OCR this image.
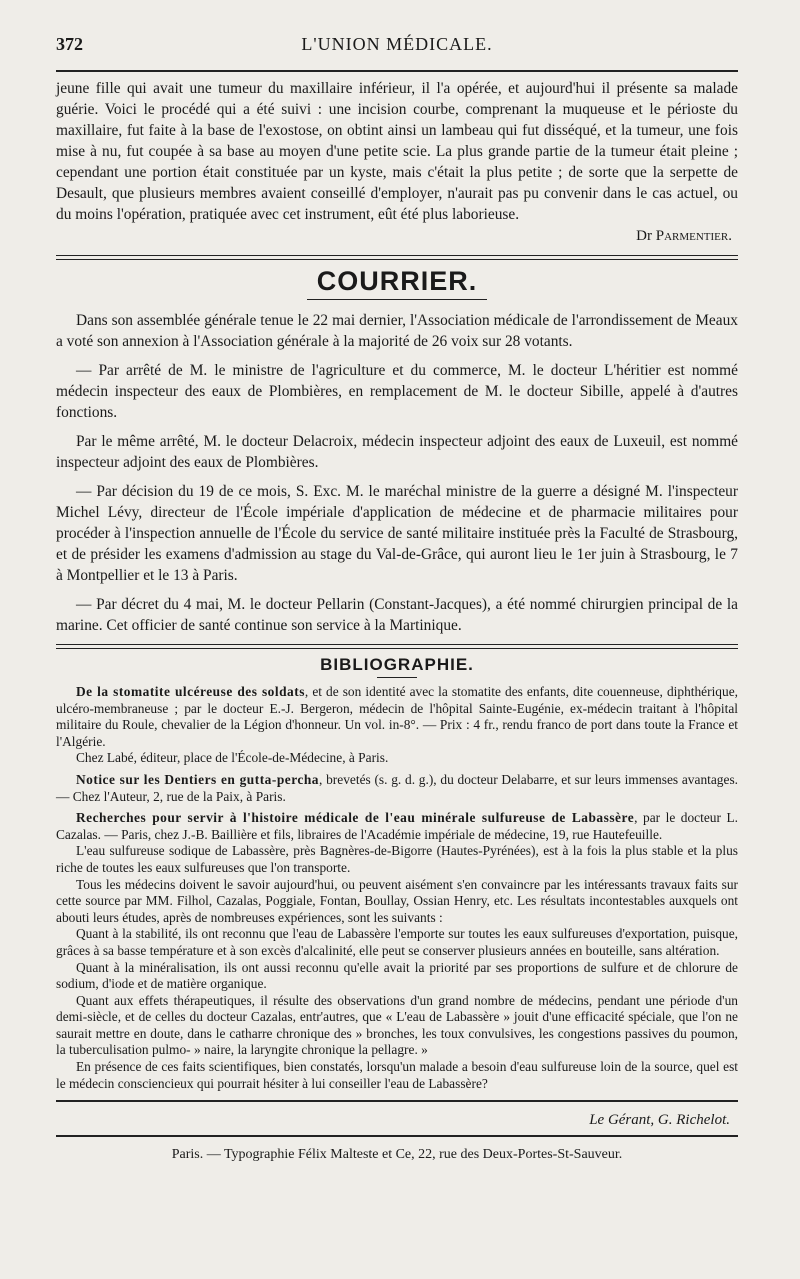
372	L'UNION MÉDICALE.

jeune fille qui avait une tumeur du maxillaire inférieur, il l'a opérée, et aujourd'hui il présente sa malade guérie. Voici le procédé qui a été suivi : une incision courbe, comprenant la muqueuse et le périoste du maxillaire, fut faite à la base de l'exostose, on obtint ainsi un lambeau qui fut disséqué, et la tumeur, une fois mise à nu, fut coupée à sa base au moyen d'une petite scie. La plus grande partie de la tumeur était pleine ; cependant une portion était constituée par un kyste, mais c'était la plus petite ; de sorte que la serpette de Desault, que plusieurs membres avaient conseillé d'employer, n'aurait pas pu convenir dans le cas actuel, ou du moins l'opération, pratiquée avec cet instrument, eût été plus laborieuse.

Dr Parmentier.
COURRIER.

Dans son assemblée générale tenue le 22 mai dernier, l'Association médicale de l'arrondissement de Meaux a voté son annexion à l'Association générale à la majorité de 26 voix sur 28 votants.

— Par arrêté de M. le ministre de l'agriculture et du commerce, M. le docteur L'héritier est nommé médecin inspecteur des eaux de Plombières, en remplacement de M. le docteur Sibille, appelé à d'autres fonctions.

Par le même arrêté, M. le docteur Delacroix, médecin inspecteur adjoint des eaux de Luxeuil, est nommé inspecteur adjoint des eaux de Plombières.

— Par décision du 19 de ce mois, S. Exc. M. le maréchal ministre de la guerre a désigné M. l'inspecteur Michel Lévy, directeur de l'École impériale d'application de médecine et de pharmacie militaires pour procéder à l'inspection annuelle de l'École du service de santé militaire instituée près la Faculté de Strasbourg, et de présider les examens d'admission au stage du Val-de-Grâce, qui auront lieu le 1er juin à Strasbourg, le 7 à Montpellier et le 13 à Paris.

— Par décret du 4 mai, M. le docteur Pellarin (Constant-Jacques), a été nommé chirurgien principal de la marine. Cet officier de santé continue son service à la Martinique.

BIBLIOGRAPHIE.

De la stomatite ulcéreuse des soldats, et de son identité avec la stomatite des enfants, dite couenneuse, diphthérique, ulcéro-membraneuse ; par le docteur E.-J. Bergeron, médecin de l'hôpital Sainte-Eugénie, ex-médecin traitant à l'hôpital militaire du Roule, chevalier de la Légion d'honneur. Un vol. in-8°. — Prix : 4 fr., rendu franco de port dans toute la France et l'Algérie.

Chez Labé, éditeur, place de l'École-de-Médecine, à Paris.

Notice sur les Dentiers en gutta-percha, brevetés (s. g. d. g.), du docteur Delabarre, et sur leurs immenses avantages. — Chez l'Auteur, 2, rue de la Paix, à Paris.

Recherches pour servir à l'histoire médicale de l'eau minérale sulfureuse de Labassère, par le docteur L. Cazalas. — Paris, chez J.-B. Baillière et fils, libraires de l'Académie impériale de médecine, 19, rue Hautefeuille.

L'eau sulfureuse sodique de Labassère, près Bagnères-de-Bigorre (Hautes-Pyrénées), est à la fois la plus stable et la plus riche de toutes les eaux sulfureuses que l'on transporte.

Tous les médecins doivent le savoir aujourd'hui, ou peuvent aisément s'en convaincre par les intéressants travaux faits sur cette source par MM. Filhol, Cazalas, Poggiale, Fontan, Boullay, Ossian Henry, etc. Les résultats incontestables auxquels ont abouti leurs études, après de nombreuses expériences, sont les suivants :

Quant à la stabilité, ils ont reconnu que l'eau de Labassère l'emporte sur toutes les eaux sulfureuses d'exportation, puisque, grâces à sa basse température et à son excès d'alcalinité, elle peut se conserver plusieurs années en bouteille, sans altération.

Quant à la minéralisation, ils ont aussi reconnu qu'elle avait la priorité par ses proportions de sulfure et de chlorure de sodium, d'iode et de matière organique.

Quant aux effets thérapeutiques, il résulte des observations d'un grand nombre de médecins, pendant une période d'un demi-siècle, et de celles du docteur Cazalas, entr'autres, que « L'eau de Labassère » jouit d'une efficacité spéciale, que l'on ne saurait mettre en doute, dans le catharre chronique des » bronches, les toux convulsives, les congestions passives du poumon, la tuberculisation pulmo- » naire, la laryngite chronique la pellagre. »

En présence de ces faits scientifiques, bien constatés, lorsqu'un malade a besoin d'eau sulfureuse loin de la source, quel est le médecin consciencieux qui pourrait hésiter à lui conseiller l'eau de Labassère?

Le Gérant, G. Richelot.
Paris. — Typographie Félix Malteste et Ce, 22, rue des Deux-Portes-St-Sauveur.
